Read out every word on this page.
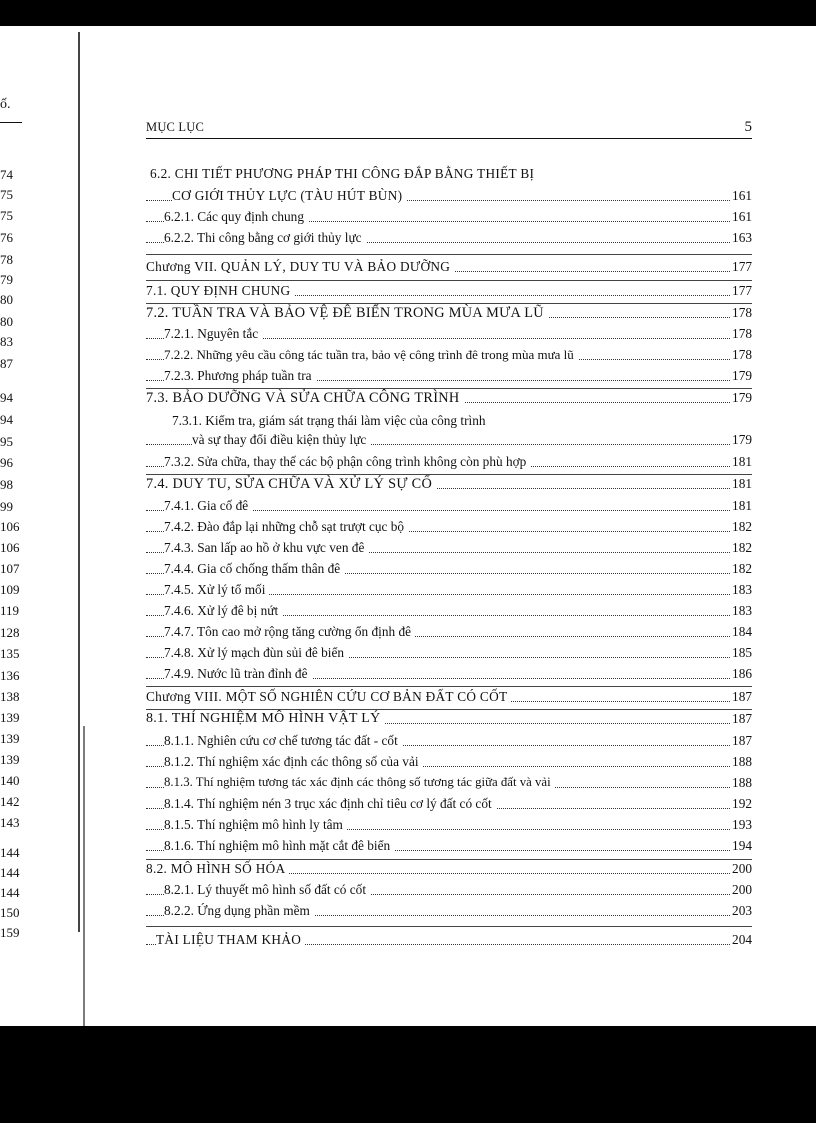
ố.
74
75
75
76
78
79
80
80
83
87
94
94
95
96
98
99
106
106
107
109
119
128
135
136
138
139
139
139
140
142
143
144
144
144
150
159
MỤC LỤC	5
6.2. CHI TIẾT PHƯƠNG PHÁP THI CÔNG ĐẮP BẰNG THIẾT BỊ
CƠ GIỚI THỦY LỰC (TÀU HÚT BÙN)	161
6.2.1. Các quy định chung	161
6.2.2. Thi công bằng cơ giới thủy lực	163
Chương VII. QUẢN LÝ, DUY TU VÀ BẢO DƯỠNG	177
7.1. QUY ĐỊNH CHUNG	177
7.2. TUẦN TRA VÀ BẢO VỆ ĐÊ BIỂN TRONG MÙA MƯA LŨ	178
7.2.1. Nguyên tắc	178
7.2.2. Những yêu cầu công tác tuần tra, bảo vệ công trình đê trong mùa mưa lũ	178
7.2.3. Phương pháp tuần tra	179
7.3. BẢO DƯỠNG VÀ SỬA CHỮA CÔNG TRÌNH	179
7.3.1. Kiểm tra, giám sát trạng thái làm việc của công trình
và sự thay đổi điều kiện thủy lực	179
7.3.2. Sửa chữa, thay thế các bộ phận công trình không còn phù hợp	181
7.4. DUY TU, SỬA CHỮA VÀ XỬ LÝ SỰ CỐ	181
7.4.1. Gia cố đê	181
7.4.2. Đào đắp lại những chỗ sạt trượt cục bộ	182
7.4.3. San lấp ao hồ ở khu vực ven đê	182
7.4.4. Gia cố chống thấm thân đê	182
7.4.5. Xử lý tổ mối	183
7.4.6. Xử lý đê bị nứt	183
7.4.7. Tôn cao mở rộng tăng cường ổn định đê	184
7.4.8. Xử lý mạch đùn sủi đê biển	185
7.4.9. Nước lũ tràn đỉnh đê	186
Chương VIII. MỘT SỐ NGHIÊN CỨU CƠ BẢN ĐẤT CÓ CỐT	187
8.1. THÍ NGHIỆM MÔ HÌNH VẬT LÝ	187
8.1.1. Nghiên cứu cơ chế tương tác đất - cốt	187
8.1.2. Thí nghiệm xác định các thông số của vải	188
8.1.3. Thí nghiệm tương tác xác định các thông số tương tác giữa đất và vải	188
8.1.4. Thí nghiệm nén 3 trục xác định chỉ tiêu cơ lý đất có cốt	192
8.1.5. Thí nghiệm mô hình ly tâm	193
8.1.6. Thí nghiệm mô hình mặt cắt đê biển	194
8.2. MÔ HÌNH SỐ HÓA	200
8.2.1. Lý thuyết mô hình số đất có cốt	200
8.2.2. Ứng dụng phần mềm	203
TÀI LIỆU THAM KHẢO	204
